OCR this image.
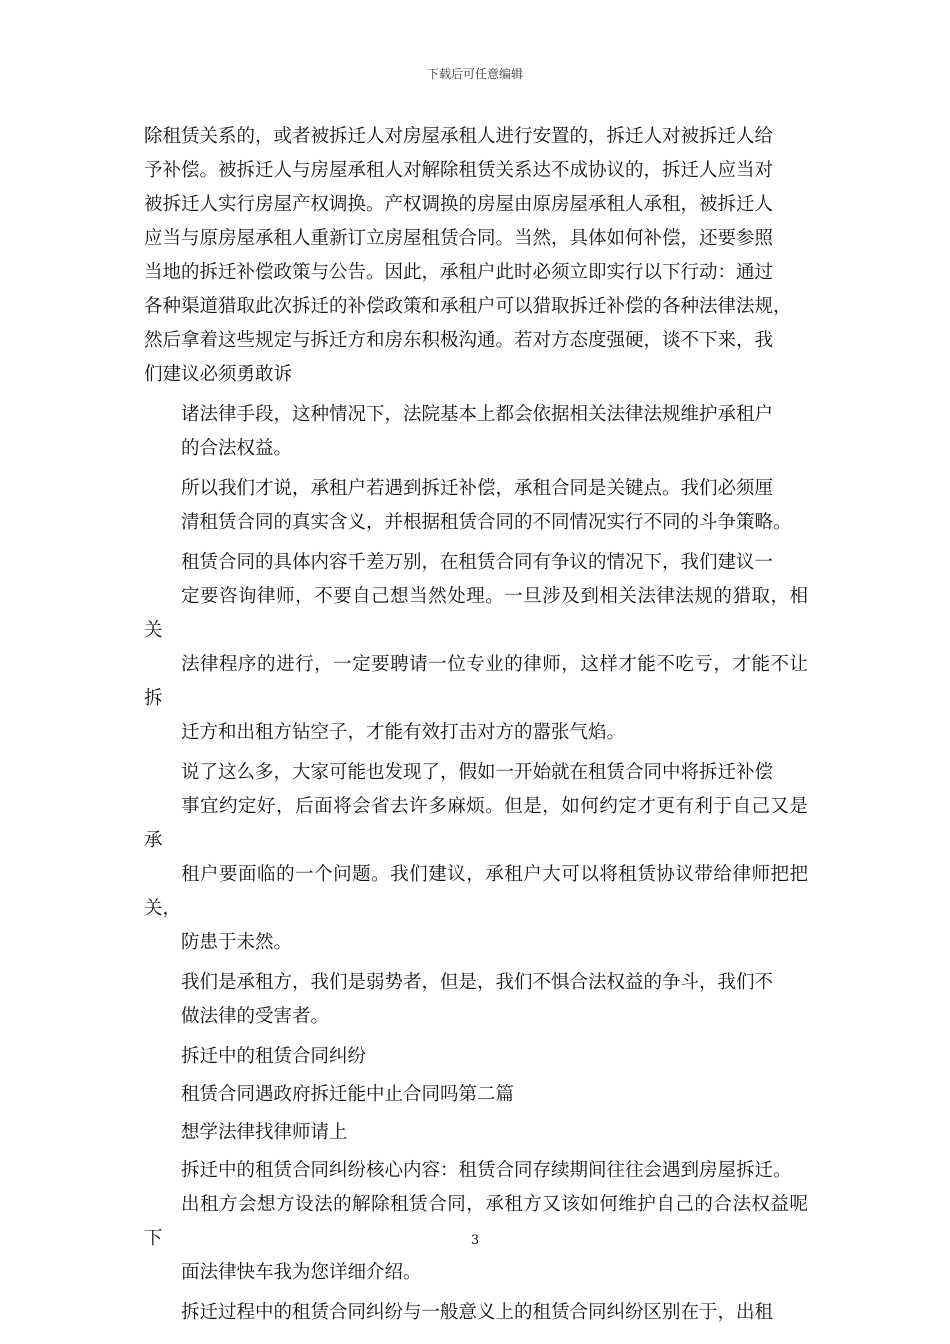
下载后可任意编辑
除租赁关系的，或者被拆迁人对房屋承租人进行安置的，拆迁人对被拆迁人给
予补偿。被拆迁人与房屋承租人对解除租赁关系达不成协议的，拆迁人应当对
被拆迁人实行房屋产权调换。产权调换的房屋由原房屋承租人承租，被拆迁人
应当与原房屋承租人重新订立房屋租赁合同。当然，具体如何补偿，还要参照
当地的拆迁补偿政策与公告。因此，承租户此时必须立即实行以下行动：通过
各种渠道猎取此次拆迁的补偿政策和承租户可以猎取拆迁补偿的各种法律法规，
然后拿着这些规定与拆迁方和房东积极沟通。若对方态度强硬，谈不下来，我
们建议必须勇敢诉
诸法律手段，这种情况下，法院基本上都会依据相关法律法规维护承租户
的合法权益。
所以我们才说，承租户若遇到拆迁补偿，承租合同是关键点。我们必须厘
清租赁合同的真实含义，并根据租赁合同的不同情况实行不同的斗争策略。
租赁合同的具体内容千差万别，在租赁合同有争议的情况下，我们建议一
定要咨询律师，不要自己想当然处理。一旦涉及到相关法律法规的猎取，相关
法律程序的进行，一定要聘请一位专业的律师，这样才能不吃亏，才能不让拆
迁方和出租方钻空子，才能有效打击对方的嚣张气焰。
说了这么多，大家可能也发现了，假如一开始就在租赁合同中将拆迁补偿
事宜约定好，后面将会省去许多麻烦。但是，如何约定才更有利于自己又是承
租户要面临的一个问题。我们建议，承租户大可以将租赁协议带给律师把把关，
防患于未然。
我们是承租方，我们是弱势者，但是，我们不惧合法权益的争斗，我们不
做法律的受害者。
拆迁中的租赁合同纠纷
租赁合同遇政府拆迁能中止合同吗第二篇
想学法律找律师请上
拆迁中的租赁合同纠纷核心内容：租赁合同存续期间往往会遇到房屋拆迁。
出租方会想方设法的解除租赁合同，承租方又该如何维护自己的合法权益呢下
面法律快车我为您详细介绍。
拆迁过程中的租赁合同纠纷与一般意义上的租赁合同纠纷区别在于，出租
3
